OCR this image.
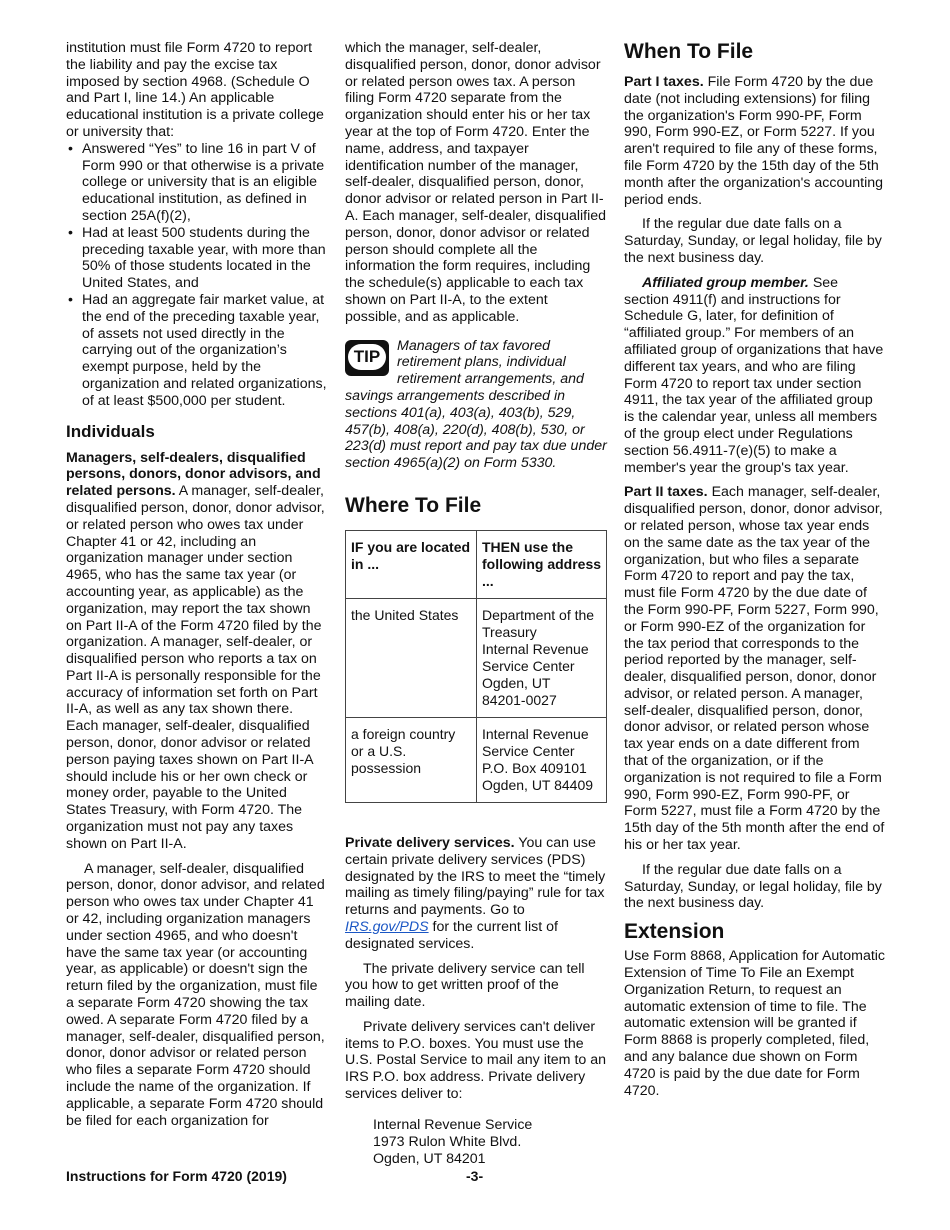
institution must file Form 4720 to report the liability and pay the excise tax imposed by section 4968. (Schedule O and Part I, line 14.) An applicable educational institution is a private college or university that:

• Answered “Yes” to line 16 in part V of Form 990 or that otherwise is a private college or university that is an eligible educational institution, as defined in section 25A(f)(2),

• Had at least 500 students during the preceding taxable year, with more than 50% of those students located in the United States, and

• Had an aggregate fair market value, at the end of the preceding taxable year, of assets not used directly in the carrying out of the organization’s exempt purpose, held by the organization and related organizations, of at least $500,000 per student.

Individuals

Managers, self-dealers, disqualified persons, donors, donor advisors, and related persons. A manager, self-dealer, disqualified person, donor, donor advisor, or related person who owes tax under Chapter 41 or 42, including an organization manager under section 4965, who has the same tax year (or accounting year, as applicable) as the organization, may report the tax shown on Part II-A of the Form 4720 filed by the organization. A manager, self-dealer, or disqualified person who reports a tax on Part II-A is personally responsible for the accuracy of information set forth on Part II-A, as well as any tax shown there. Each manager, self-dealer, disqualified person, donor, donor advisor or related person paying taxes shown on Part II-A should include his or her own check or money order, payable to the United States Treasury, with Form 4720. The organization must not pay any taxes shown on Part II-A.

A manager, self-dealer, disqualified person, donor, donor advisor, and related person who owes tax under Chapter 41 or 42, including organization managers under section 4965, and who doesn't have the same tax year (or accounting year, as applicable) or doesn't sign the return filed by the organization, must file a separate Form 4720 showing the tax owed. A separate Form 4720 filed by a manager, self-dealer, disqualified person, donor, donor advisor or related person who files a separate Form 4720 should include the name of the organization. If applicable, a separate Form 4720 should be filed for each organization for

which the manager, self-dealer, disqualified person, donor, donor advisor or related person owes tax. A person filing Form 4720 separate from the organization should enter his or her tax year at the top of Form 4720. Enter the name, address, and taxpayer identification number of the manager, self-dealer, disqualified person, donor, donor advisor or related person in Part II-A. Each manager, self-dealer, disqualified person, donor, donor advisor or related person should complete all the information the form requires, including the schedule(s) applicable to each tax shown on Part II-A, to the extent possible, and as applicable.

TIP
Managers of tax favored retirement plans, individual retirement arrangements, and savings arrangements described in sections 401(a), 403(a), 403(b), 529, 457(b), 408(a), 220(d), 408(b), 530, or 223(d) must report and pay tax due under section 4965(a)(2) on Form 5330.
Where To File
IF you are located in ...	THEN use the following address ...
the United States	Department of the Treasury
Internal Revenue Service Center
Ogden, UT
84201-0027

a foreign country or a U.S. possession	Internal Revenue Service Center
P.O. Box 409101
Ogden, UT 84409

Private delivery services. You can use certain private delivery services (PDS) designated by the IRS to meet the “timely mailing as timely filing/paying” rule for tax returns and payments. Go to IRS.gov/PDS for the current list of designated services.

The private delivery service can tell you how to get written proof of the mailing date.

Private delivery services can't deliver items to P.O. boxes. You must use the U.S. Postal Service to mail any item to an IRS P.O. box address. Private delivery services deliver to:

Internal Revenue Service
1973 Rulon White Blvd.
Ogden, UT 84201
When To File

Part I taxes. File Form 4720 by the due date (not including extensions) for filing the organization's Form 990-PF, Form 990, Form 990-EZ, or Form 5227. If you aren't required to file any of these forms, file Form 4720 by the 15th day of the 5th month after the organization's accounting period ends.

If the regular due date falls on a Saturday, Sunday, or legal holiday, file by the next business day.

Affiliated group member. See section 4911(f) and instructions for Schedule G, later, for definition of “affiliated group.” For members of an affiliated group of organizations that have different tax years, and who are filing Form 4720 to report tax under section 4911, the tax year of the affiliated group is the calendar year, unless all members of the group elect under Regulations section 56.4911-7(e)(5) to make a member's year the group's tax year.

Part II taxes. Each manager, self-dealer, disqualified person, donor, donor advisor, or related person, whose tax year ends on the same date as the tax year of the organization, but who files a separate Form 4720 to report and pay the tax, must file Form 4720 by the due date of the Form 990-PF, Form 5227, Form 990, or Form 990-EZ of the organization for the tax period that corresponds to the period reported by the manager, self-dealer, disqualified person, donor, donor advisor, or related person. A manager, self-dealer, disqualified person, donor, donor advisor, or related person whose tax year ends on a date different from that of the organization, or if the organization is not required to file a Form 990, Form 990-EZ, Form 990-PF, or Form 5227, must file a Form 4720 by the 15th day of the 5th month after the end of his or her tax year.

If the regular due date falls on a Saturday, Sunday, or legal holiday, file by the next business day.

Extension

Use Form 8868, Application for Automatic Extension of Time To File an Exempt Organization Return, to request an automatic extension of time to file. The automatic extension will be granted if Form 8868 is properly completed, filed, and any balance due shown on Form 4720 is paid by the due date for Form 4720.

Instructions for Form 4720 (2019)	-3-
